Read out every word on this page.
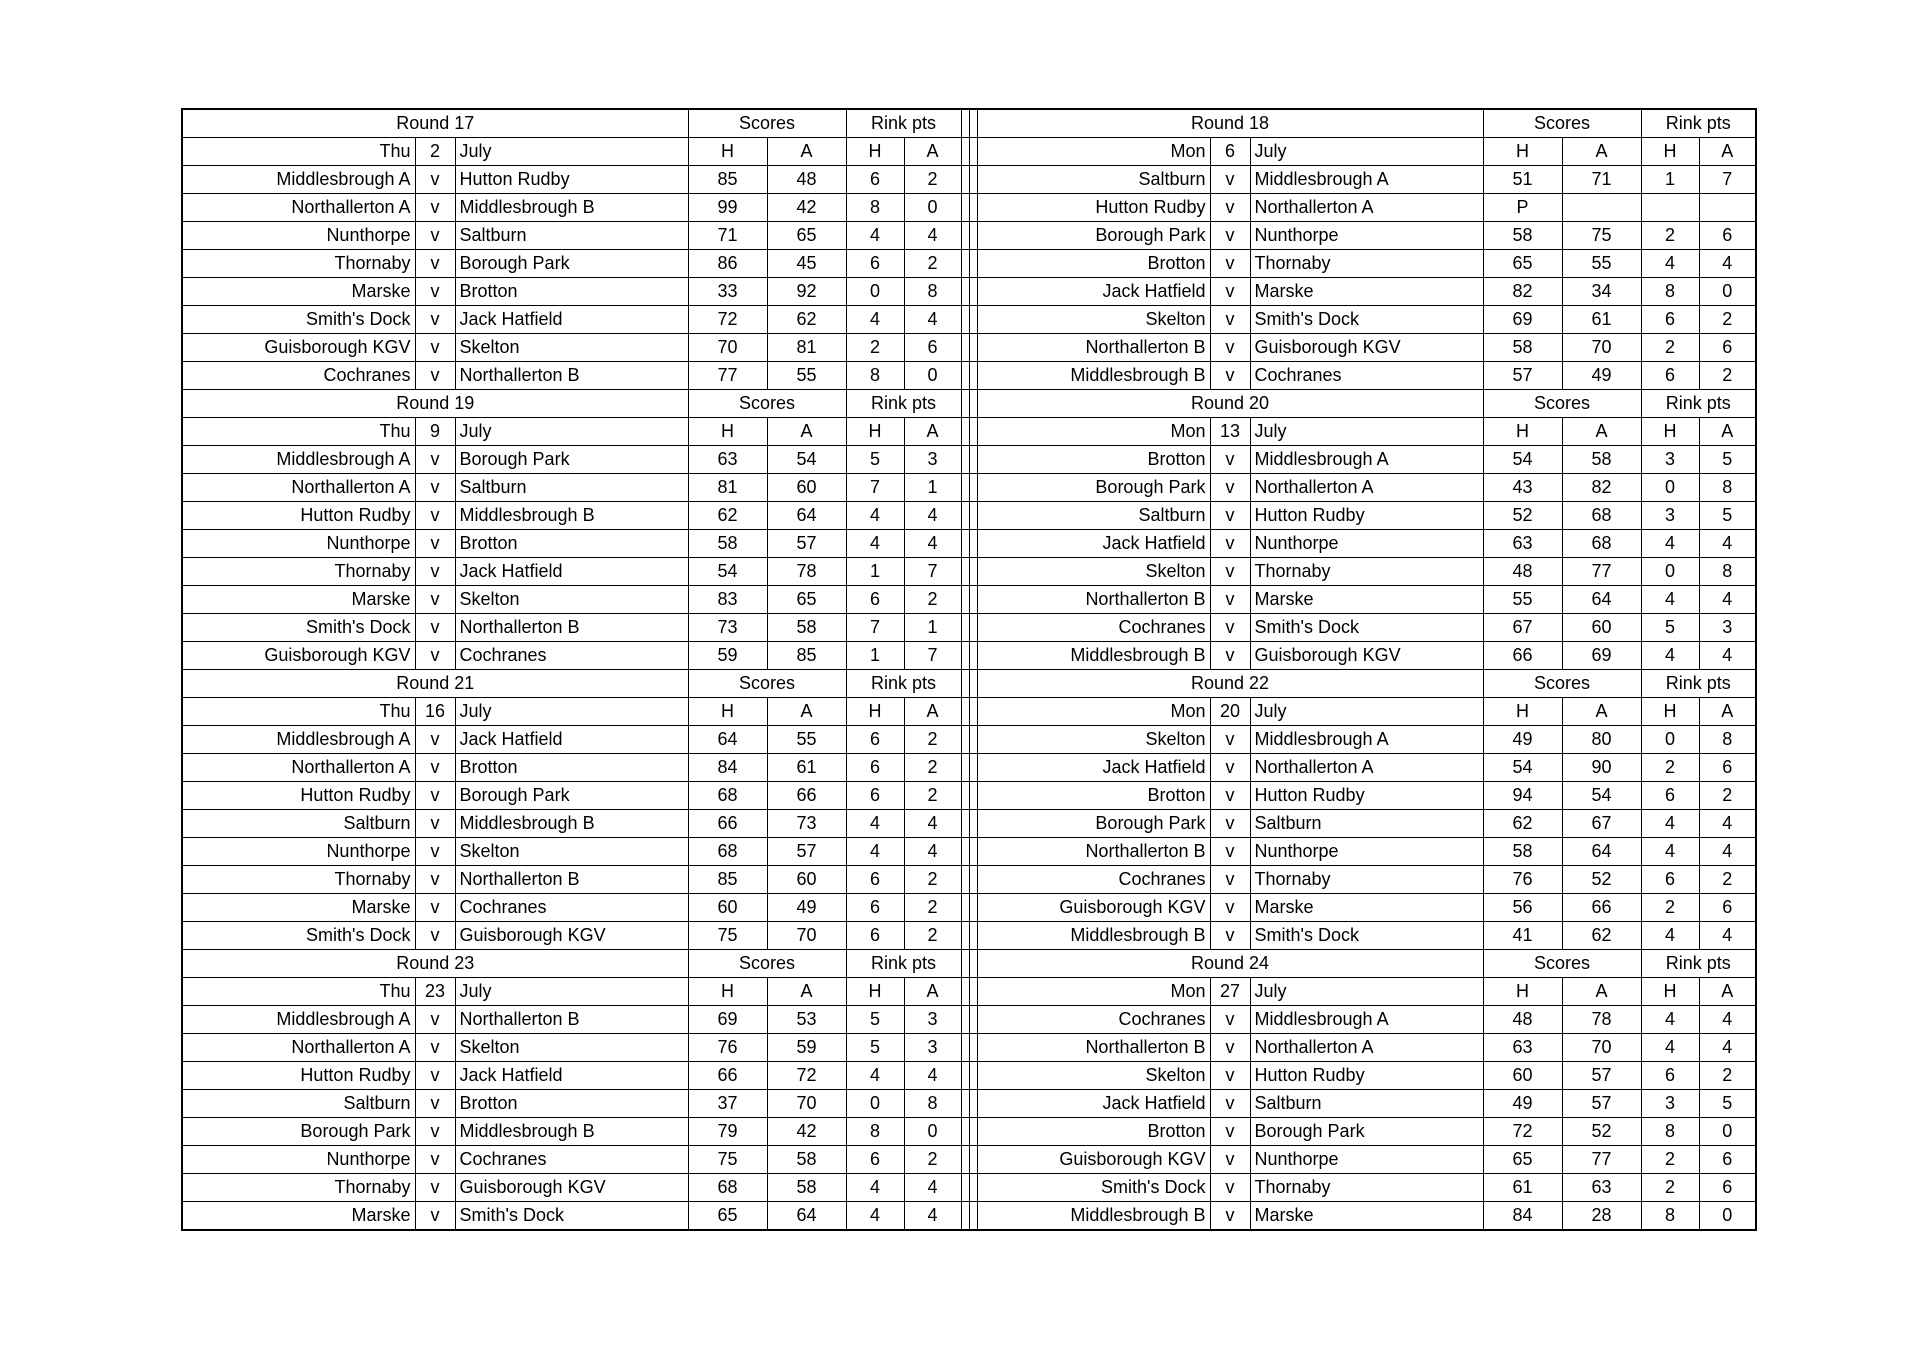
Round 17			Scores		Rink pts				Round 18			Scores		Rink pts	
Thu	2	July	H	A	H	A			Mon	6	July	H	A	H	A
Middlesbrough A	v	Hutton Rudby	85	48	6	2			Saltburn	v	Middlesbrough A	51	71	1	7
Northallerton A	v	Middlesbrough B	99	42	8	0			Hutton Rudby	v	Northallerton A	P			
Nunthorpe	v	Saltburn	71	65	4	4			Borough Park	v	Nunthorpe	58	75	2	6
Thornaby	v	Borough Park	86	45	6	2			Brotton	v	Thornaby	65	55	4	4
Marske	v	Brotton	33	92	0	8			Jack Hatfield	v	Marske	82	34	8	0
Smith's Dock	v	Jack Hatfield	72	62	4	4			Skelton	v	Smith's Dock	69	61	6	2
Guisborough KGV	v	Skelton	70	81	2	6			Northallerton B	v	Guisborough KGV	58	70	2	6
Cochranes	v	Northallerton B	77	55	8	0			Middlesbrough B	v	Cochranes	57	49	6	2
Round 19			Scores		Rink pts				Round 20			Scores		Rink pts	
Thu	9	July	H	A	H	A			Mon	13	July	H	A	H	A
Middlesbrough A	v	Borough Park	63	54	5	3			Brotton	v	Middlesbrough A	54	58	3	5
Northallerton A	v	Saltburn	81	60	7	1			Borough Park	v	Northallerton A	43	82	0	8
Hutton Rudby	v	Middlesbrough B	62	64	4	4			Saltburn	v	Hutton Rudby	52	68	3	5
Nunthorpe	v	Brotton	58	57	4	4			Jack Hatfield	v	Nunthorpe	63	68	4	4
Thornaby	v	Jack Hatfield	54	78	1	7			Skelton	v	Thornaby	48	77	0	8
Marske	v	Skelton	83	65	6	2			Northallerton B	v	Marske	55	64	4	4
Smith's Dock	v	Northallerton B	73	58	7	1			Cochranes	v	Smith's Dock	67	60	5	3
Guisborough KGV	v	Cochranes	59	85	1	7			Middlesbrough B	v	Guisborough KGV	66	69	4	4
Round 21			Scores		Rink pts				Round 22			Scores		Rink pts	
Thu	16	July	H	A	H	A			Mon	20	July	H	A	H	A
Middlesbrough A	v	Jack Hatfield	64	55	6	2			Skelton	v	Middlesbrough A	49	80	0	8
Northallerton A	v	Brotton	84	61	6	2			Jack Hatfield	v	Northallerton A	54	90	2	6
Hutton Rudby	v	Borough Park	68	66	6	2			Brotton	v	Hutton Rudby	94	54	6	2
Saltburn	v	Middlesbrough B	66	73	4	4			Borough Park	v	Saltburn	62	67	4	4
Nunthorpe	v	Skelton	68	57	4	4			Northallerton B	v	Nunthorpe	58	64	4	4
Thornaby	v	Northallerton B	85	60	6	2			Cochranes	v	Thornaby	76	52	6	2
Marske	v	Cochranes	60	49	6	2			Guisborough KGV	v	Marske	56	66	2	6
Smith's Dock	v	Guisborough KGV	75	70	6	2			Middlesbrough B	v	Smith's Dock	41	62	4	4
Round 23			Scores		Rink pts				Round 24			Scores		Rink pts	
Thu	23	July	H	A	H	A			Mon	27	July	H	A	H	A
Middlesbrough A	v	Northallerton B	69	53	5	3			Cochranes	v	Middlesbrough A	48	78	4	4
Northallerton A	v	Skelton	76	59	5	3			Northallerton B	v	Northallerton A	63	70	4	4
Hutton Rudby	v	Jack Hatfield	66	72	4	4			Skelton	v	Hutton Rudby	60	57	6	2
Saltburn	v	Brotton	37	70	0	8			Jack Hatfield	v	Saltburn	49	57	3	5
Borough Park	v	Middlesbrough B	79	42	8	0			Brotton	v	Borough Park	72	52	8	0
Nunthorpe	v	Cochranes	75	58	6	2			Guisborough KGV	v	Nunthorpe	65	77	2	6
Thornaby	v	Guisborough KGV	68	58	4	4			Smith's Dock	v	Thornaby	61	63	2	6
Marske	v	Smith's Dock	65	64	4	4			Middlesbrough B	v	Marske	84	28	8	0
